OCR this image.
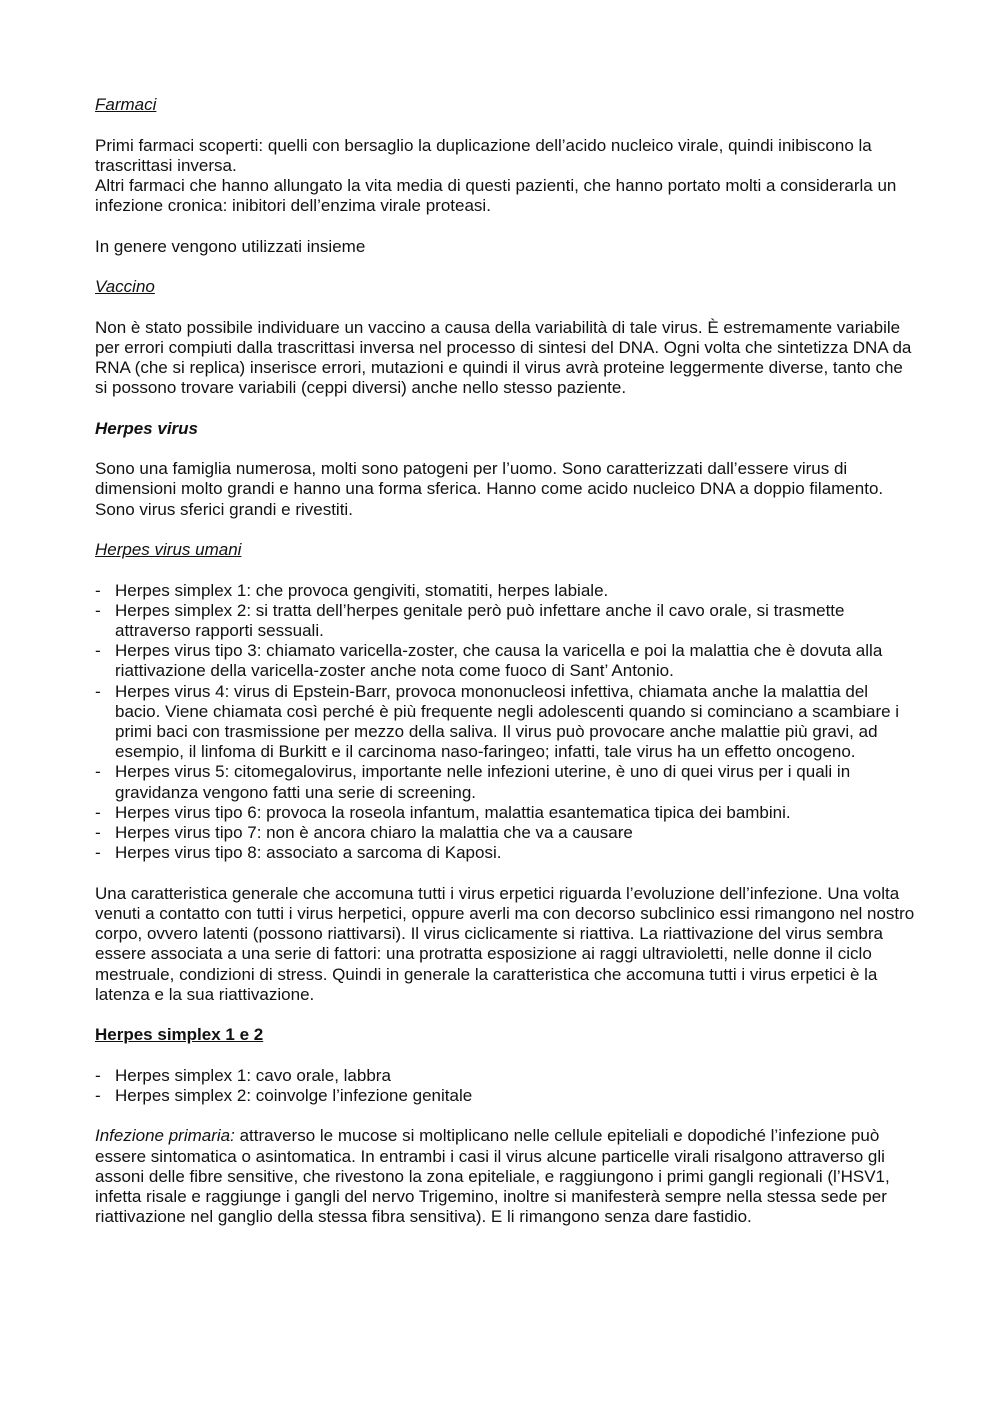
Farmaci

Primi farmaci scoperti: quelli con bersaglio la duplicazione dell’acido nucleico virale, quindi inibiscono la trascrittasi inversa.

Altri farmaci che hanno allungato la vita media di questi pazienti, che hanno portato molti a considerarla un infezione cronica: inibitori dell’enzima virale proteasi.

In genere vengono utilizzati insieme

Vaccino

Non è stato possibile individuare un vaccino a causa della variabilità di tale virus. È estremamente variabile per errori compiuti dalla trascrittasi inversa nel processo di sintesi del DNA. Ogni volta che sintetizza DNA da RNA (che si replica) inserisce errori, mutazioni e quindi il virus avrà proteine leggermente diverse, tanto che si possono trovare variabili (ceppi diversi) anche nello stesso paziente.

Herpes virus

Sono una famiglia numerosa, molti sono patogeni per l’uomo. Sono caratterizzati dall’essere virus di dimensioni molto grandi e hanno una forma sferica. Hanno come acido nucleico DNA a doppio filamento. Sono virus sferici grandi e rivestiti.

Herpes virus umani

- Herpes simplex 1: che provoca gengiviti, stomatiti, herpes labiale.
- Herpes simplex 2: si tratta dell’herpes genitale però può infettare anche il cavo orale, si trasmette attraverso rapporti sessuali.
- Herpes virus tipo 3: chiamato varicella-zoster, che causa la varicella e poi la malattia che è dovuta alla riattivazione della varicella-zoster anche nota come fuoco di Sant’ Antonio.
- Herpes virus 4: virus di Epstein-Barr, provoca mononucleosi infettiva, chiamata anche la malattia del bacio. Viene chiamata così perché è più frequente negli adolescenti quando si cominciano a scambiare i primi baci con trasmissione per mezzo della saliva. Il virus può provocare anche malattie più gravi, ad esempio, il linfoma di Burkitt e il carcinoma naso-faringeo; infatti, tale virus ha un effetto oncogeno.
- Herpes virus 5: citomegalovirus, importante nelle infezioni uterine, è uno di quei virus per i quali in gravidanza vengono fatti una serie di screening.
- Herpes virus tipo 6: provoca la roseola infantum, malattia esantematica tipica dei bambini.
- Herpes virus tipo 7: non è ancora chiaro la malattia che va a causare
- Herpes virus tipo 8: associato a sarcoma di Kaposi.

Una caratteristica generale che accomuna tutti i virus erpetici riguarda l’evoluzione dell’infezione. Una volta venuti a contatto con tutti i virus herpetici, oppure averli ma con decorso subclinico essi rimangono nel nostro corpo, ovvero latenti (possono riattivarsi). Il virus ciclicamente si riattiva. La riattivazione del virus sembra essere associata a una serie di fattori: una protratta esposizione ai raggi ultravioletti, nelle donne il ciclo mestruale, condizioni di stress. Quindi in generale la caratteristica che accomuna tutti i virus erpetici è la latenza e la sua riattivazione.

Herpes simplex 1 e 2

- Herpes simplex 1: cavo orale, labbra
- Herpes simplex 2: coinvolge l’infezione genitale

Infezione primaria: attraverso le mucose si moltiplicano nelle cellule epiteliali e dopodiché l’infezione può essere sintomatica o asintomatica. In entrambi i casi il virus alcune particelle virali risalgono attraverso gli assoni delle fibre sensitive, che rivestono la zona epiteliale, e raggiungono i primi gangli regionali (l’HSV1, infetta risale e raggiunge i gangli del nervo Trigemino, inoltre si manifesterà sempre nella stessa sede per riattivazione nel ganglio della stessa fibra sensitiva). E li rimangono senza dare fastidio.
